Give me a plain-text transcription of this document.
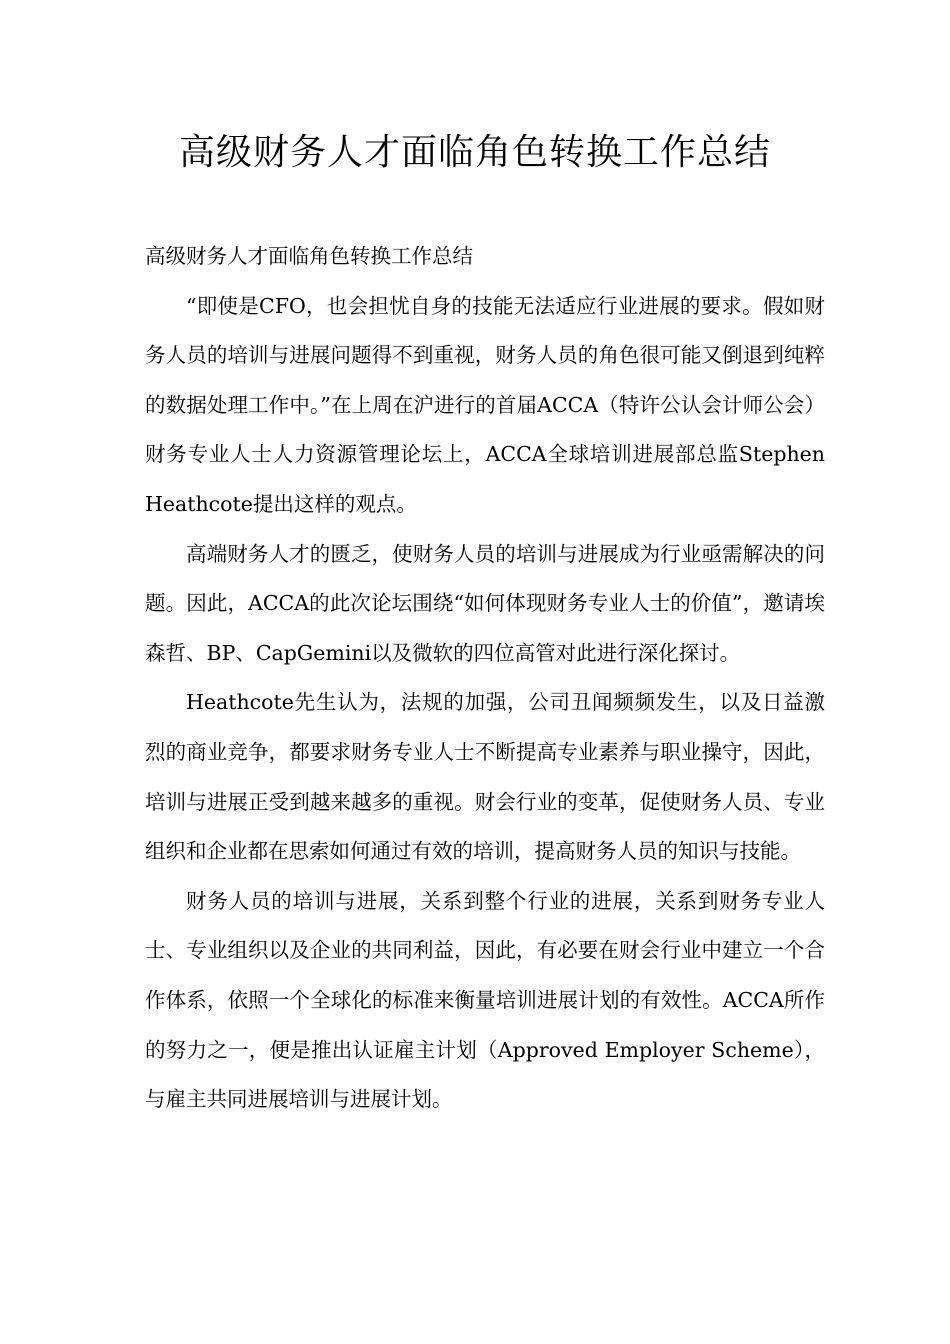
高级财务人才面临角色转换工作总结

高级财务人才面临角色转换工作总结

“即使是CFO，也会担忧自身的技能无法适应行业进展的要求。假如财务人员的培训与进展问题得不到重视，财务人员的角色很可能又倒退到纯粹的数据处理工作中。”在上周在沪进行的首届ACCA（特许公认会计师公会）财务专业人士人力资源管理论坛上，ACCA全球培训进展部总监Stephen Heathcote提出这样的观点。

高端财务人才的匮乏，使财务人员的培训与进展成为行业亟需解决的问题。因此，ACCA的此次论坛围绕“如何体现财务专业人士的价值”，邀请埃森哲、BP、CapGemini以及微软的四位高管对此进行深化探讨。

Heathcote先生认为，法规的加强，公司丑闻频频发生，以及日益激烈的商业竞争，都要求财务专业人士不断提高专业素养与职业操守，因此，培训与进展正受到越来越多的重视。财会行业的变革，促使财务人员、专业组织和企业都在思索如何通过有效的培训，提高财务人员的知识与技能。

财务人员的培训与进展，关系到整个行业的进展，关系到财务专业人士、专业组织以及企业的共同利益，因此，有必要在财会行业中建立一个合作体系，依照一个全球化的标准来衡量培训进展计划的有效性。ACCA所作的努力之一，便是推出认证雇主计划（Approved Employer Scheme），与雇主共同进展培训与进展计划。
